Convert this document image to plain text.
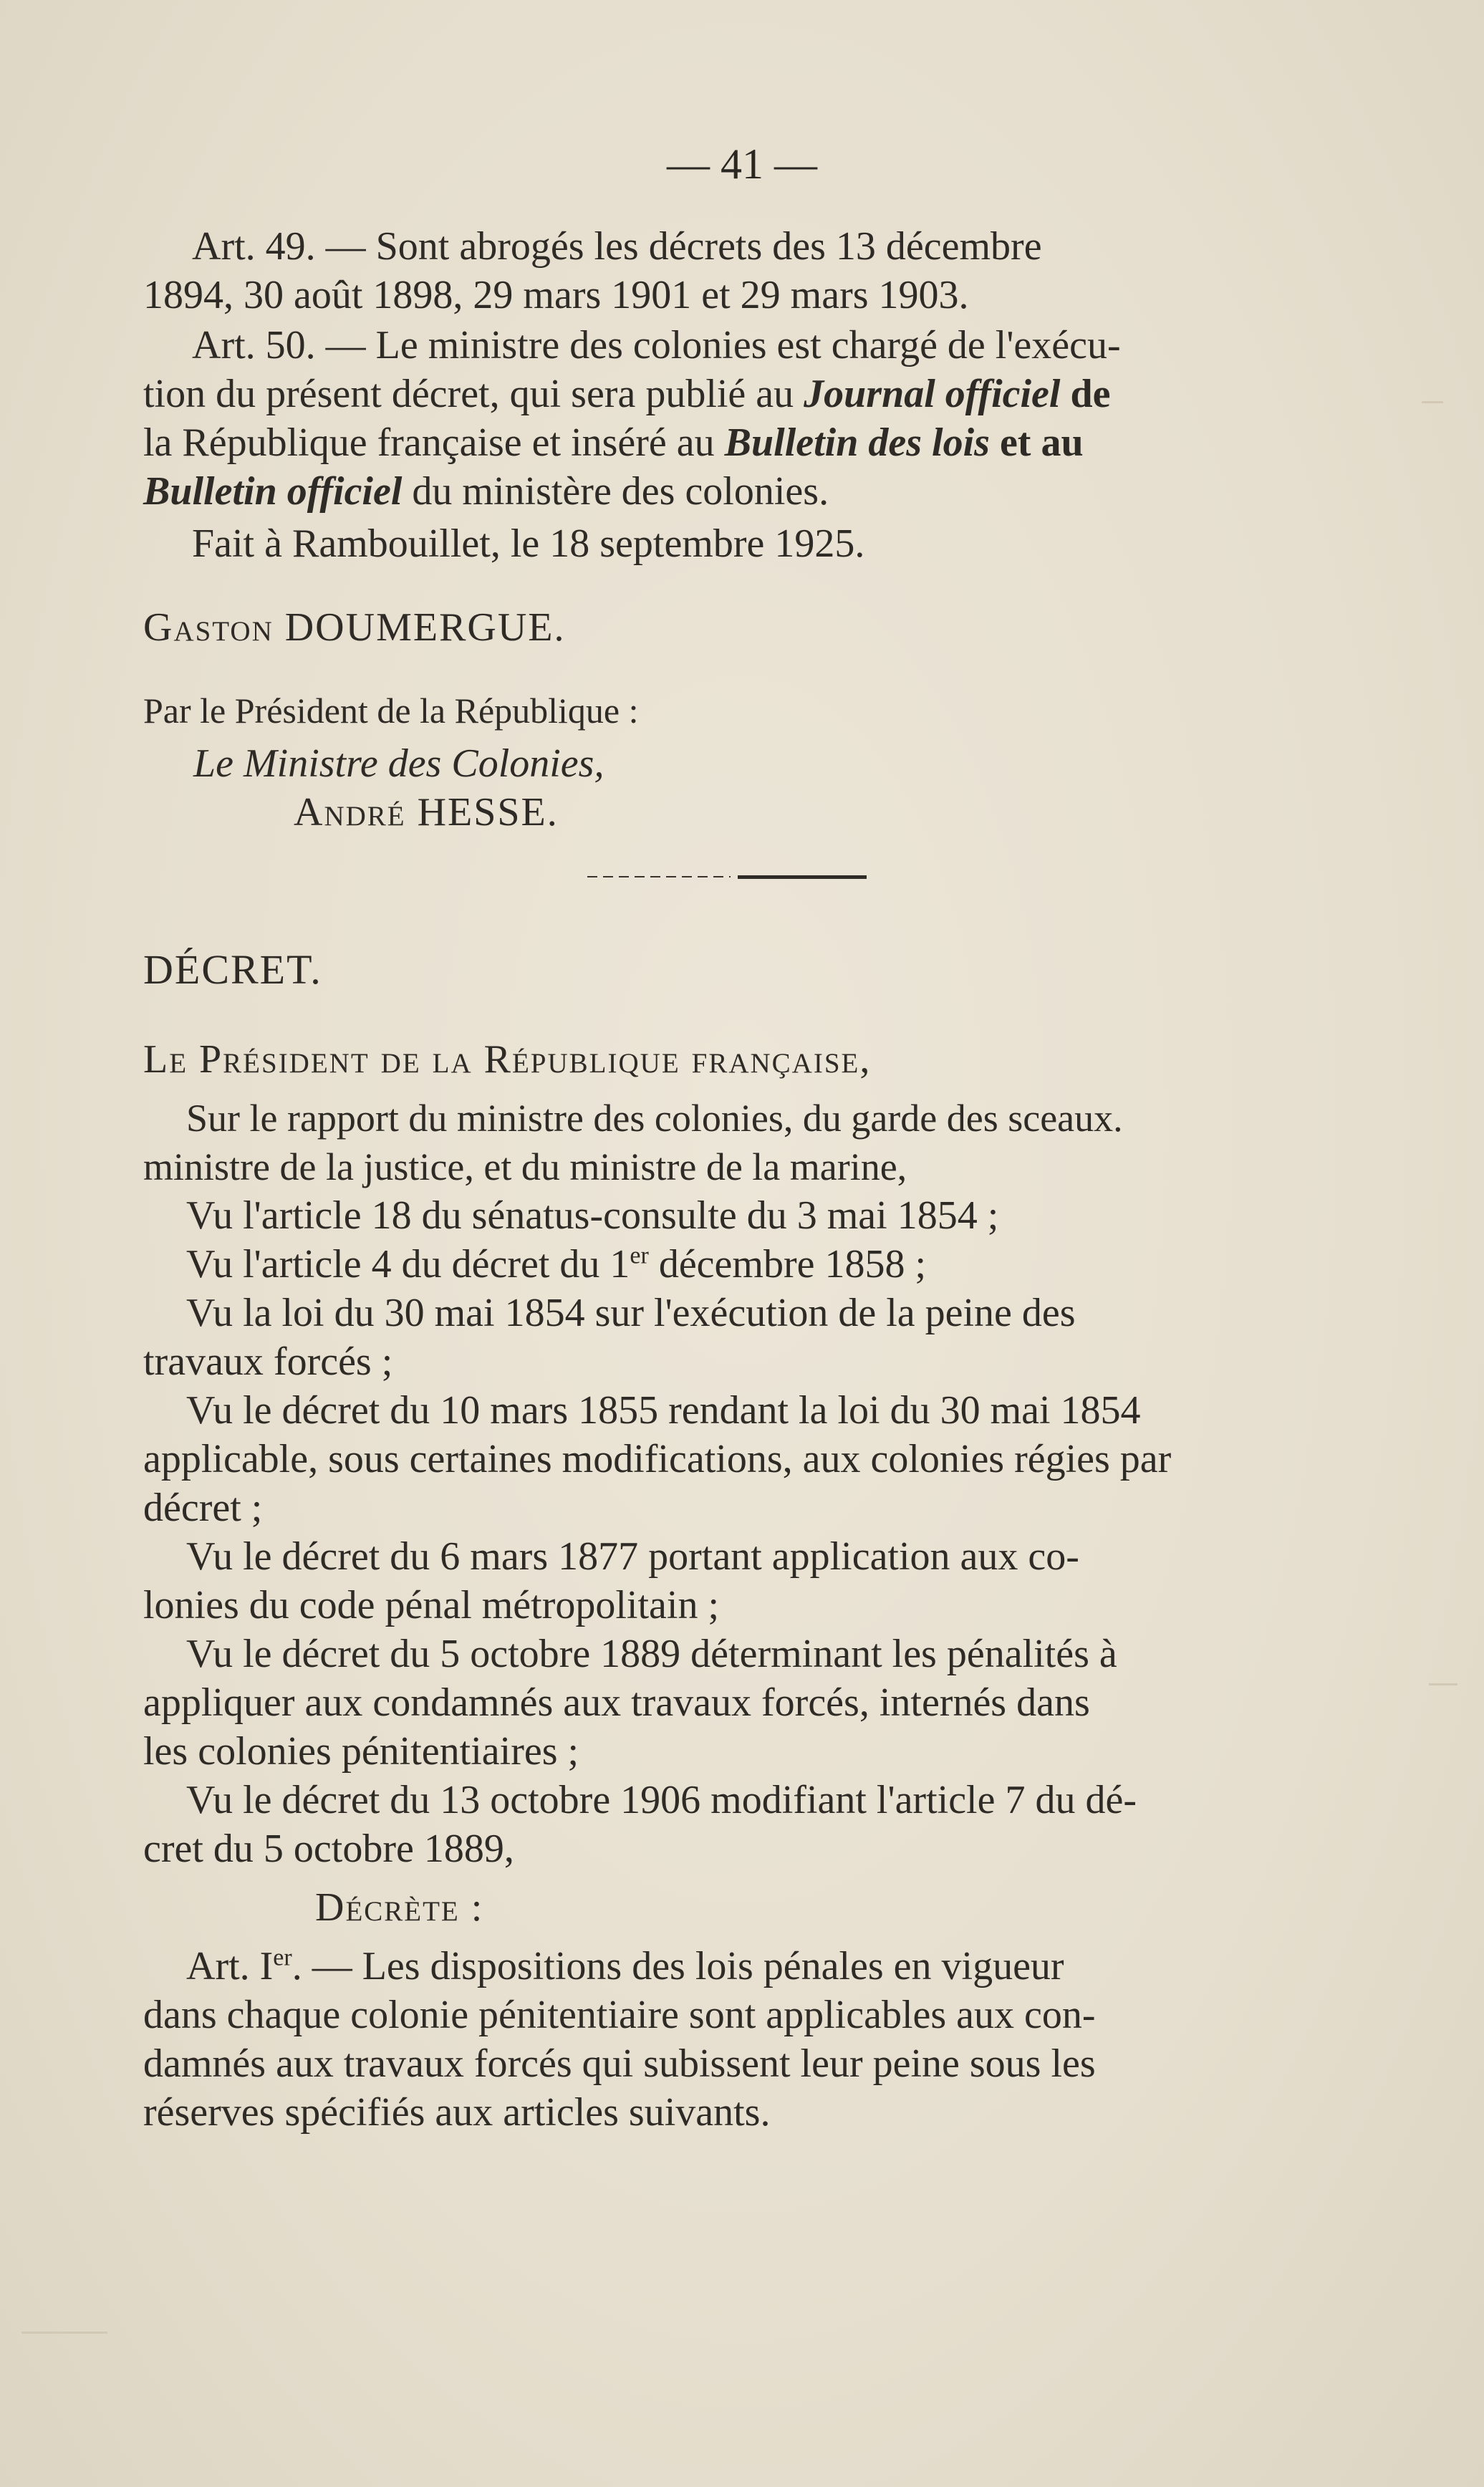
— 41 —

Art. 49. — Sont abrogés les décrets des 13 décembre

1894, 30 août 1898, 29 mars 1901 et 29 mars 1903.

Art. 50. — Le ministre des colonies est chargé de l'exécu-

tion du présent décret, qui sera publié au Journal officiel de

la République française et inséré au Bulletin des lois et au

Bulletin officiel du ministère des colonies.

Fait à Rambouillet, le 18 septembre 1925.

Gaston DOUMERGUE.

Par le Président de la République :

Le Ministre des Colonies,

André HESSE.

DÉCRET.

Le Président de la République française,

Sur le rapport du ministre des colonies, du garde des sceaux.

ministre de la justice, et du ministre de la marine,

Vu l'article 18 du sénatus-consulte du 3 mai 1854 ;

Vu l'article 4 du décret du 1er décembre 1858 ;

Vu la loi du 30 mai 1854 sur l'exécution de la peine des

travaux forcés ;

Vu le décret du 10 mars 1855 rendant la loi du 30 mai 1854

applicable, sous certaines modifications, aux colonies régies par

décret ;

Vu le décret du 6 mars 1877 portant application aux co-

lonies du code pénal métropolitain ;

Vu le décret du 5 octobre 1889 déterminant les pénalités à

appliquer aux condamnés aux travaux forcés, internés dans

les colonies pénitentiaires ;

Vu le décret du 13 octobre 1906 modifiant l'article 7 du dé-

cret du 5 octobre 1889,

Décrète :

Art. Ier. — Les dispositions des lois pénales en vigueur

dans chaque colonie pénitentiaire sont applicables aux con-

damnés aux travaux forcés qui subissent leur peine sous les

réserves spécifiés aux articles suivants.
